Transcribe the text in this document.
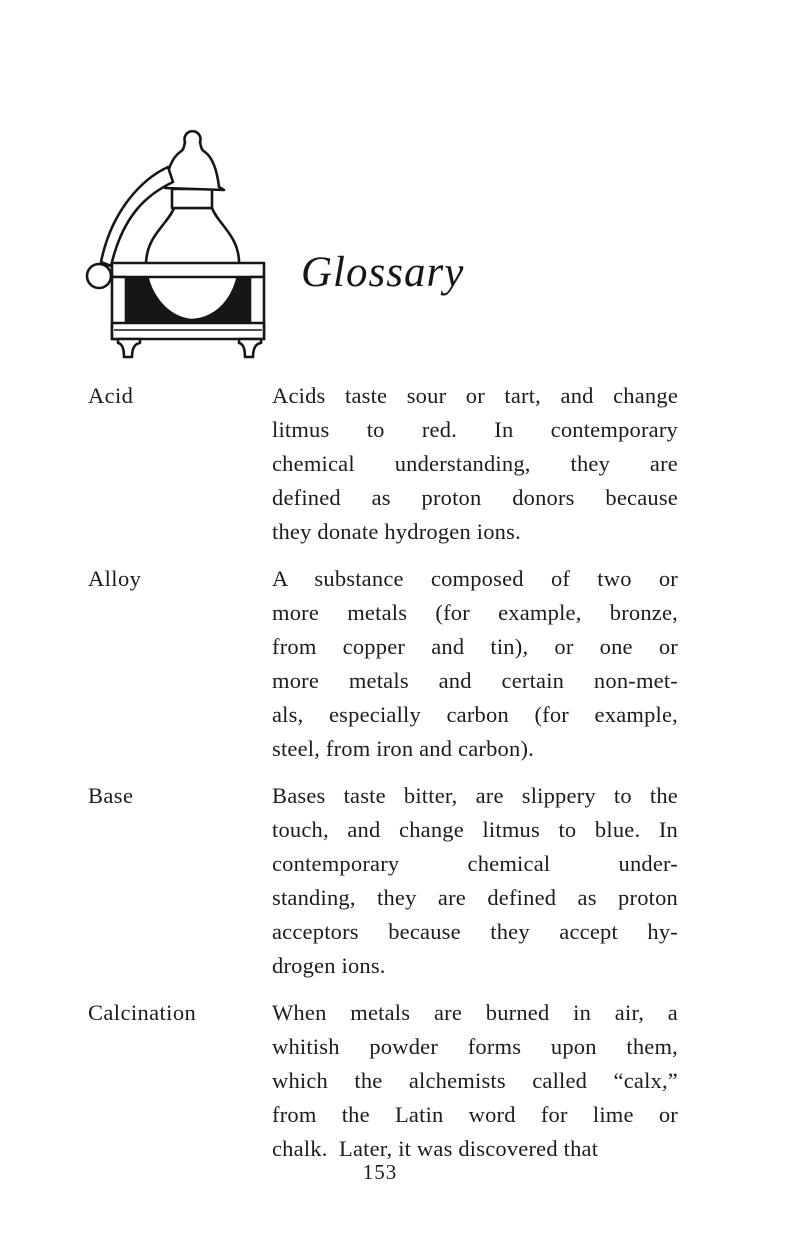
Glossary
Acid	Acids taste sour or tart, and change
litmus to red. In contemporary
chemical understanding, they are
defined as proton donors because
they donate hydrogen ions.
Alloy	A substance composed of two or
more metals (for example, bronze,
from copper and tin), or one or
more metals and certain non-met-
als, especially carbon (for example,
steel, from iron and carbon).
Base	Bases taste bitter, are slippery to the
touch, and change litmus to blue. In
contemporary chemical under-
standing, they are defined as proton
acceptors because they accept hy-
drogen ions.
Calcination	When metals are burned in air, a
whitish powder forms upon them,
which the alchemists called “calx,”
from the Latin word for lime or
chalk. Later, it was discovered that
153
